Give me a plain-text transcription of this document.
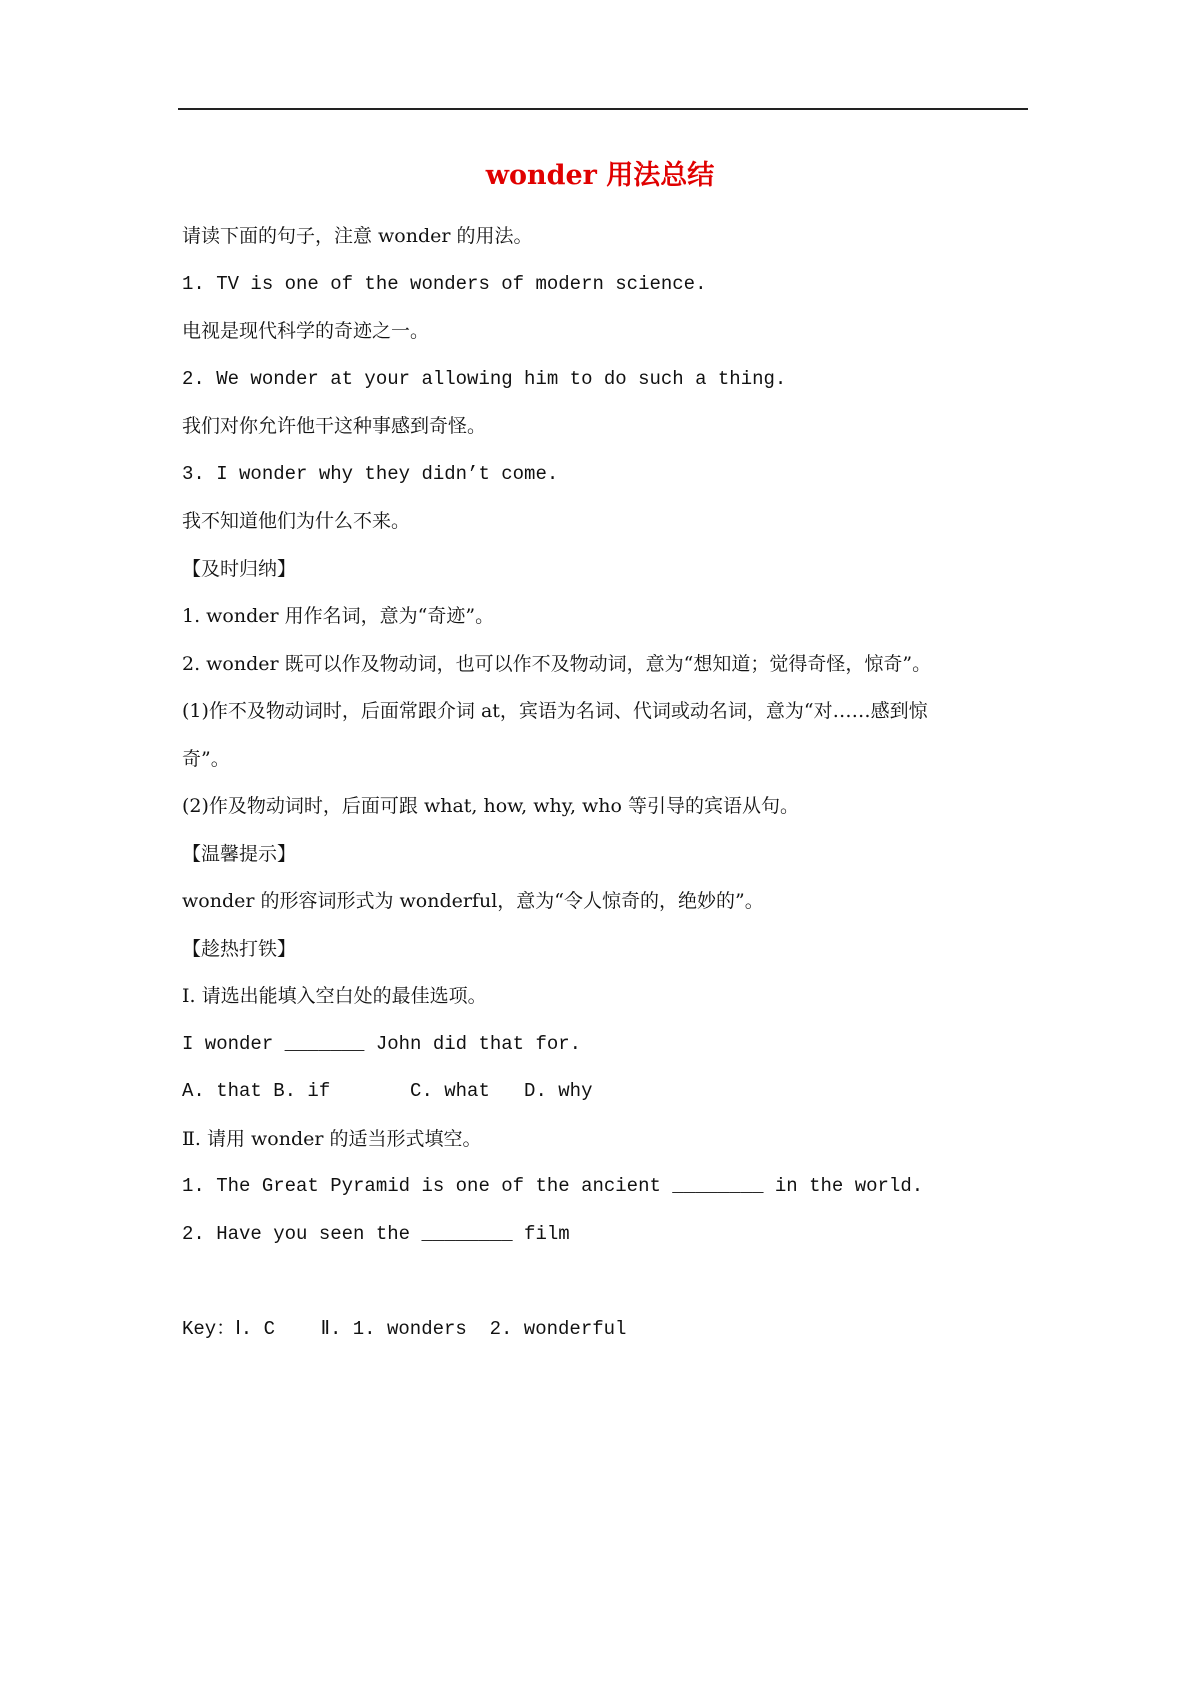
wonder 用法总结
请读下面的句子，注意 wonder 的用法。
1. TV is one of the wonders of modern science.
电视是现代科学的奇迹之一。
2. We wonder at your allowing him to do such a thing.
我们对你允许他干这种事感到奇怪。
3. I wonder why they didn’t come.
我不知道他们为什么不来。
【及时归纳】
1. wonder 用作名词，意为“奇迹”。
2. wonder 既可以作及物动词，也可以作不及物动词，意为“想知道；觉得奇怪，惊奇”。
(1)作不及物动词时，后面常跟介词 at，宾语为名词、代词或动名词，意为“对……感到惊
奇”。
(2)作及物动词时，后面可跟 what, how, why, who 等引导的宾语从句。
【温馨提示】
wonder 的形容词形式为 wonderful，意为“令人惊奇的，绝妙的”。
【趁热打铁】
Ⅰ. 请选出能填入空白处的最佳选项。
I wonder _______ John did that for.
A. that B. if       C. what   D. why
Ⅱ. 请用 wonder 的适当形式填空。
1. The Great Pyramid is one of the ancient ________ in the world.
2. Have you seen the ________ film
Key：Ⅰ. C    Ⅱ. 1. wonders  2. wonderful
